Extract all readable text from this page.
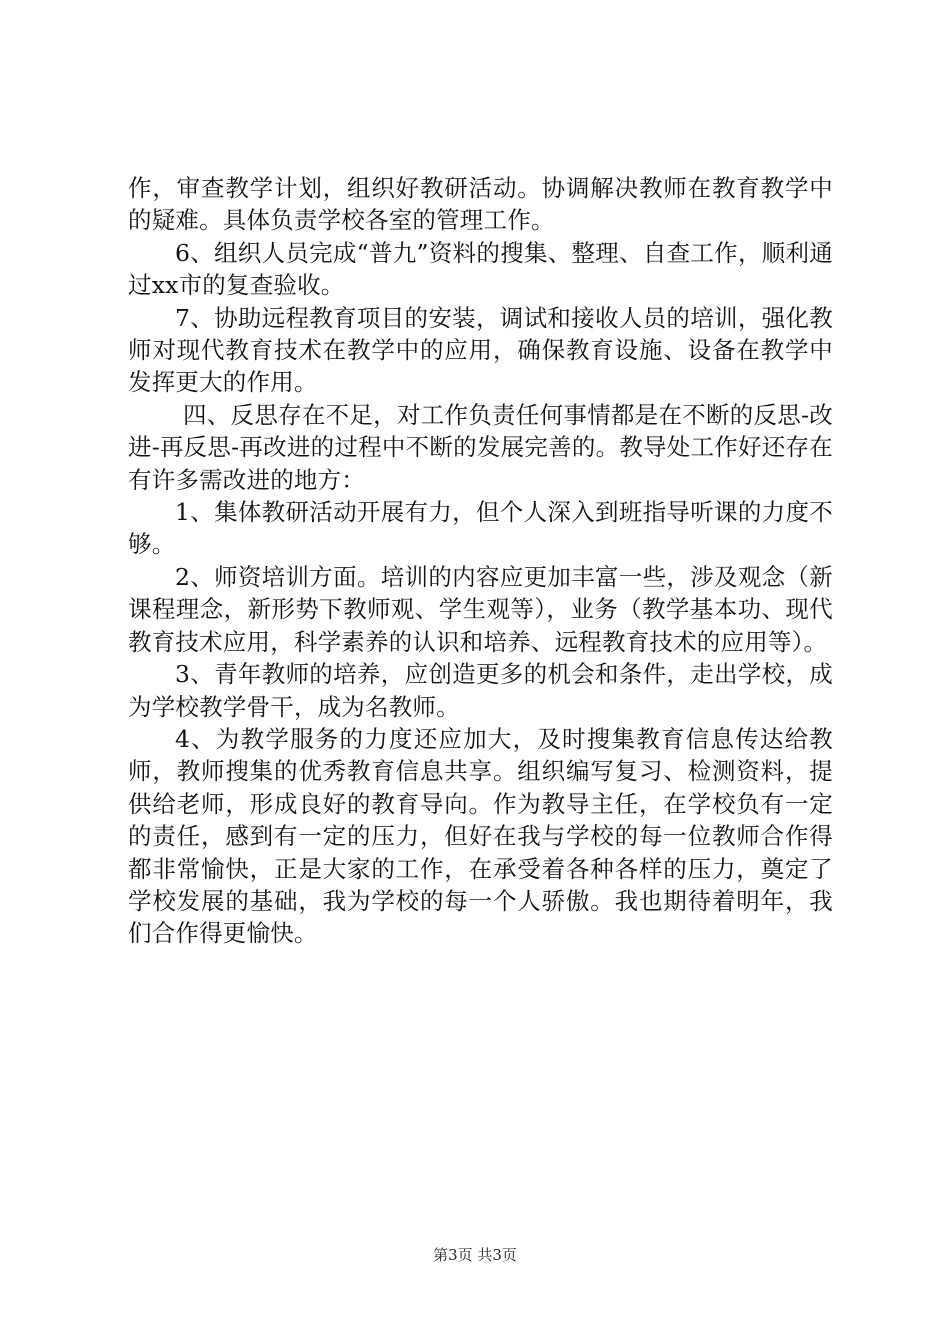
作，审查教学计划，组织好教研活动。协调解决教师在教育教学中的疑难。具体负责学校各室的管理工作。

6、组织人员完成“普九”资料的搜集、整理、自查工作，顺利通过xx市的复查验收。

7、协助远程教育项目的安装，调试和接收人员的培训，强化教师对现代教育技术在教学中的应用，确保教育设施、设备在教学中发挥更大的作用。

四、反思存在不足，对工作负责任何事情都是在不断的反思-改进-再反思-再改进的过程中不断的发展完善的。教导处工作好还存在有许多需改进的地方：

1、集体教研活动开展有力，但个人深入到班指导听课的力度不够。

2、师资培训方面。培训的内容应更加丰富一些，涉及观念（新课程理念，新形势下教师观、学生观等），业务（教学基本功、现代教育技术应用，科学素养的认识和培养、远程教育技术的应用等）。

3、青年教师的培养，应创造更多的机会和条件，走出学校，成为学校教学骨干，成为名教师。

4、为教学服务的力度还应加大，及时搜集教育信息传达给教师，教师搜集的优秀教育信息共享。组织编写复习、检测资料，提供给老师，形成良好的教育导向。作为教导主任，在学校负有一定的责任，感到有一定的压力，但好在我与学校的每一位教师合作得都非常愉快，正是大家的工作，在承受着各种各样的压力，奠定了学校发展的基础，我为学校的每一个人骄傲。我也期待着明年，我们合作得更愉快。

第3页 共3页
